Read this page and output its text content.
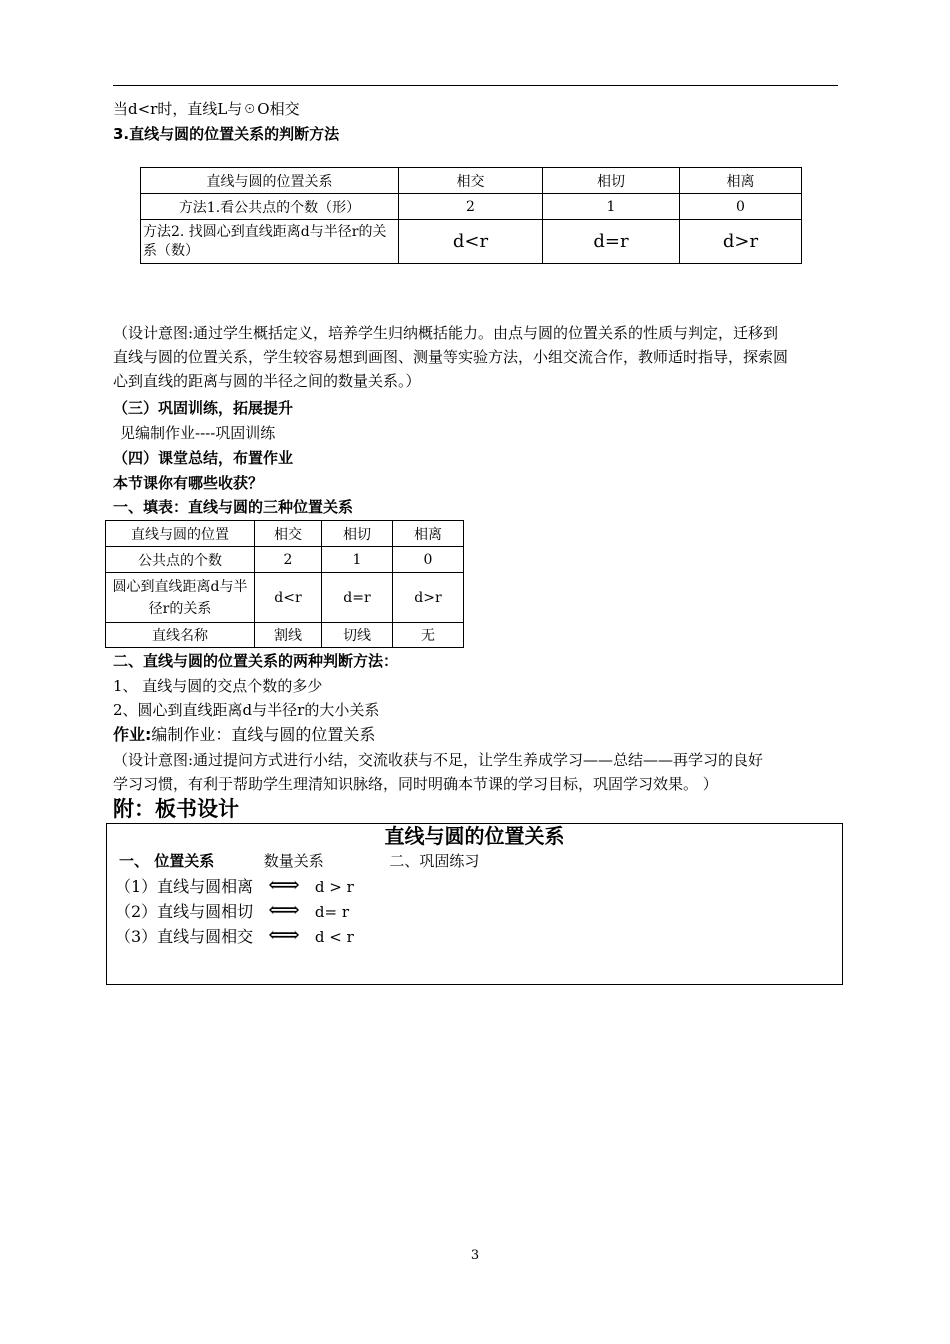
当d<r时，直线L与☉O相交
3.直线与圆的位置关系的判断方法
直线与圆的位置关系	相交	相切	相离
方法1.看公共点的个数（形）	2	1	0
方法2. 找圆心到直线距离d与半径r的关系（数）	d<r	d=r	d>r
（设计意图:通过学生概括定义，培养学生归纳概括能力。由点与圆的位置关系的性质与判定，迁移到
直线与圆的位置关系，学生较容易想到画图、测量等实验方法，小组交流合作，教师适时指导，探索圆
心到直线的距离与圆的半径之间的数量关系。）
（三）巩固训练，拓展提升
见编制作业----巩固训练
（四）课堂总结，布置作业
本节课你有哪些收获？
一、填表：直线与圆的三种位置关系
直线与圆的位置	相交	相切	相离
公共点的个数	2	1	0
圆心到直线距离d与半径r的关系	d<r	d=r	d>r
直线名称	割线	切线	无
二、直线与圆的位置关系的两种判断方法：
1、 直线与圆的交点个数的多少
2、圆心到直线距离d与半径r的大小关系
作业:编制作业：直线与圆的位置关系
（设计意图:通过提问方式进行小结，交流收获与不足，让学生养成学习——总结——再学习的良好
学习习惯，有利于帮助学生理清知识脉络，同时明确本节课的学习目标，巩固学习效果。 ）
附：板书设计
直线与圆的位置关系
一、 位置关系	数量关系	二、巩固练习
（1）直线与圆相离 ⟺ d > r
（2）直线与圆相切 ⟺ d= r
（3）直线与圆相交 ⟺ d < r
3
